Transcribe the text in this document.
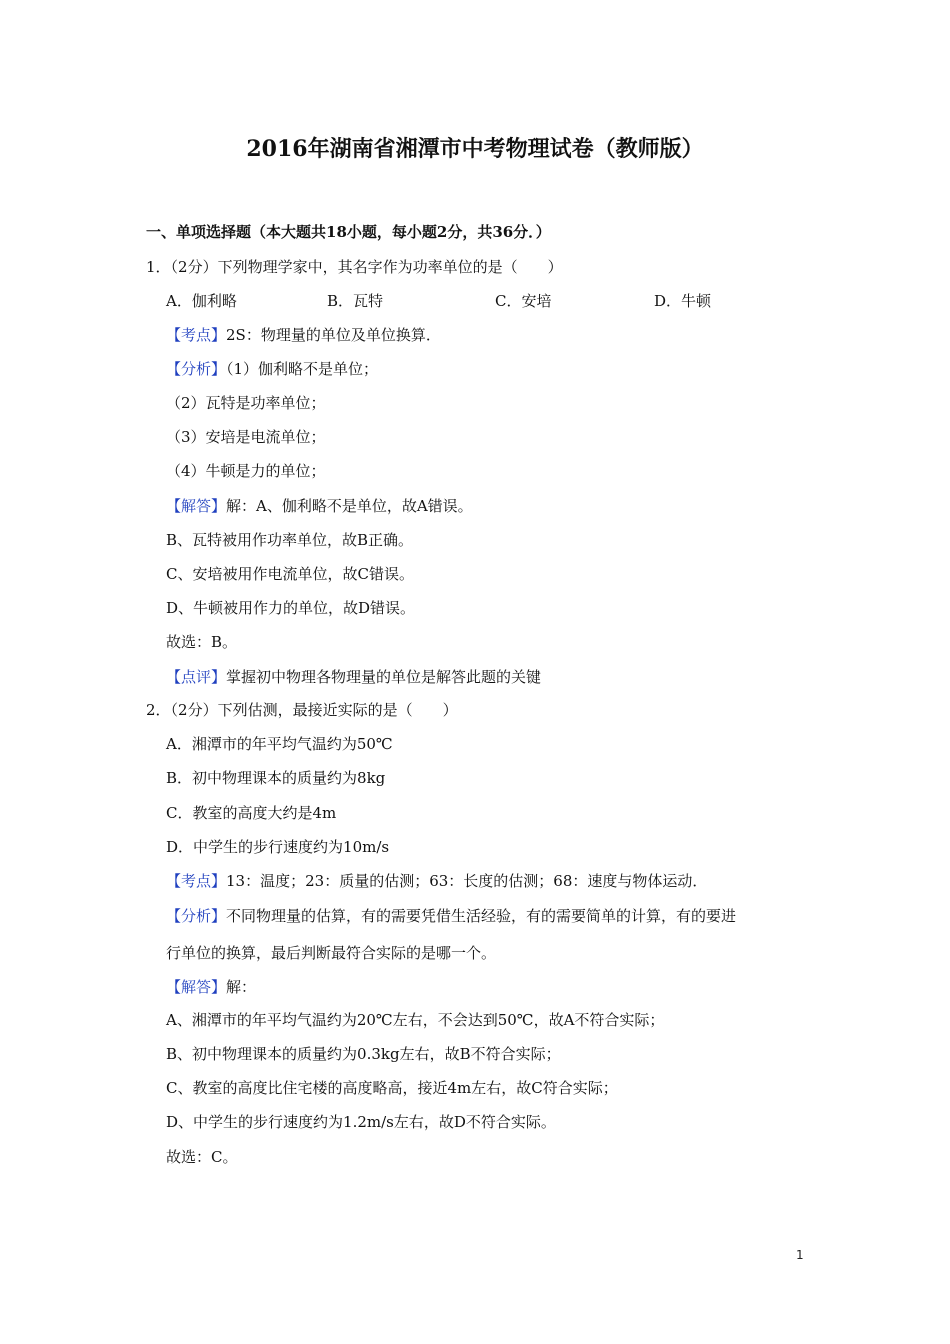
2016年湖南省湘潭市中考物理试卷（教师版）
一、单项选择题（本大题共18小题，每小题2分，共36分．）
1．（2分）下列物理学家中，其名字作为功率单位的是（　　）
A．伽利略	B．瓦特	C．安培	D．牛顿
【考点】2S：物理量的单位及单位换算．
【分析】（1）伽利略不是单位；
（2）瓦特是功率单位；
（3）安培是电流单位；
（4）牛顿是力的单位；
【解答】解：A、伽利略不是单位，故A错误。
B、瓦特被用作功率单位，故B正确。
C、安培被用作电流单位，故C错误。
D、牛顿被用作力的单位，故D错误。
故选：B。
【点评】掌握初中物理各物理量的单位是解答此题的关键
2．（2分）下列估测，最接近实际的是（　　）
A．湘潭市的年平均气温约为50℃
B．初中物理课本的质量约为8kg
C．教室的高度大约是4m
D．中学生的步行速度约为10m/s
【考点】13：温度；23：质量的估测；63：长度的估测；68：速度与物体运动．
【分析】不同物理量的估算，有的需要凭借生活经验，有的需要简单的计算，有的要进
行单位的换算，最后判断最符合实际的是哪一个。
【解答】解：
A、湘潭市的年平均气温约为20℃左右，不会达到50℃，故A不符合实际；
B、初中物理课本的质量约为0.3kg左右，故B不符合实际；
C、教室的高度比住宅楼的高度略高，接近4m左右，故C符合实际；
D、中学生的步行速度约为1.2m/s左右，故D不符合实际。
故选：C。
1
